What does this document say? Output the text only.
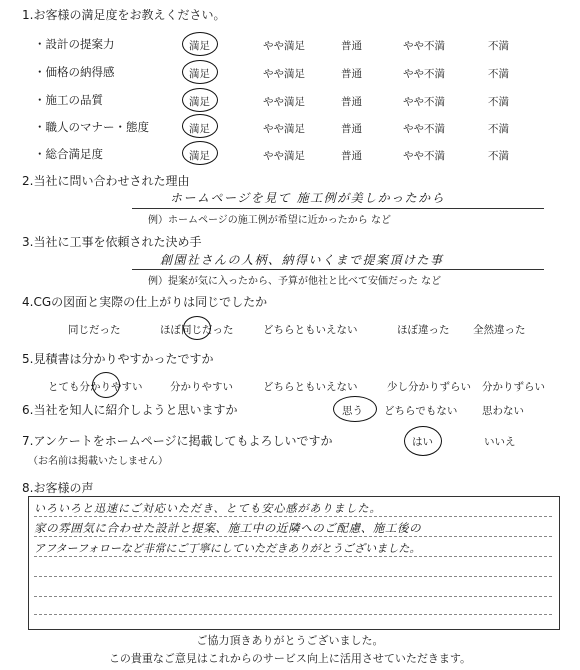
1.お客様の満足度をお教えください。
・設計の提案力	満足	やや満足	普通	やや不満	不満
・価格の納得感	満足	やや満足	普通	やや不満	不満
・施工の品質	満足	やや満足	普通	やや不満	不満
・職人のマナー・態度	満足	やや満足	普通	やや不満	不満
・総合満足度	満足	やや満足	普通	やや不満	不満
2.当社に問い合わせされた理由
ホームページを見て 施工例が美しかったから
例）ホームページの施工例が希望に近かったから など
3.当社に工事を依頼された決め手
創園社さんの人柄、納得いくまで提案頂けた事
例）提案が気に入ったから、予算が他社と比べて安価だった など
4.CGの図面と実際の仕上がりは同じでしたか
同じだった	ほぼ同じだった	どちらともいえない	ほぼ違った 全然違った
5.見積書は分かりやすかったですか
とても分かりやすい	分かりやすい	どちらともいえない	少し分かりずらい 分かりずらい
6.当社を知人に紹介しようと思いますか	思う どちらでもない 思わない
7.アンケートをホームページに掲載してもよろしいですか
（お名前は掲載いたしません）
はい	いいえ
8.お客様の声
いろいろと迅速にご対応いただき、とても安心感がありました。
家の雰囲気に合わせた設計と提案、施工中の近隣へのご配慮、施工後の
アフターフォローなど非常にご丁寧にしていただきありがとうございました。
ご協力頂きありがとうございました。
この貴重なご意見はこれからのサービス向上に活用させていただきます。
